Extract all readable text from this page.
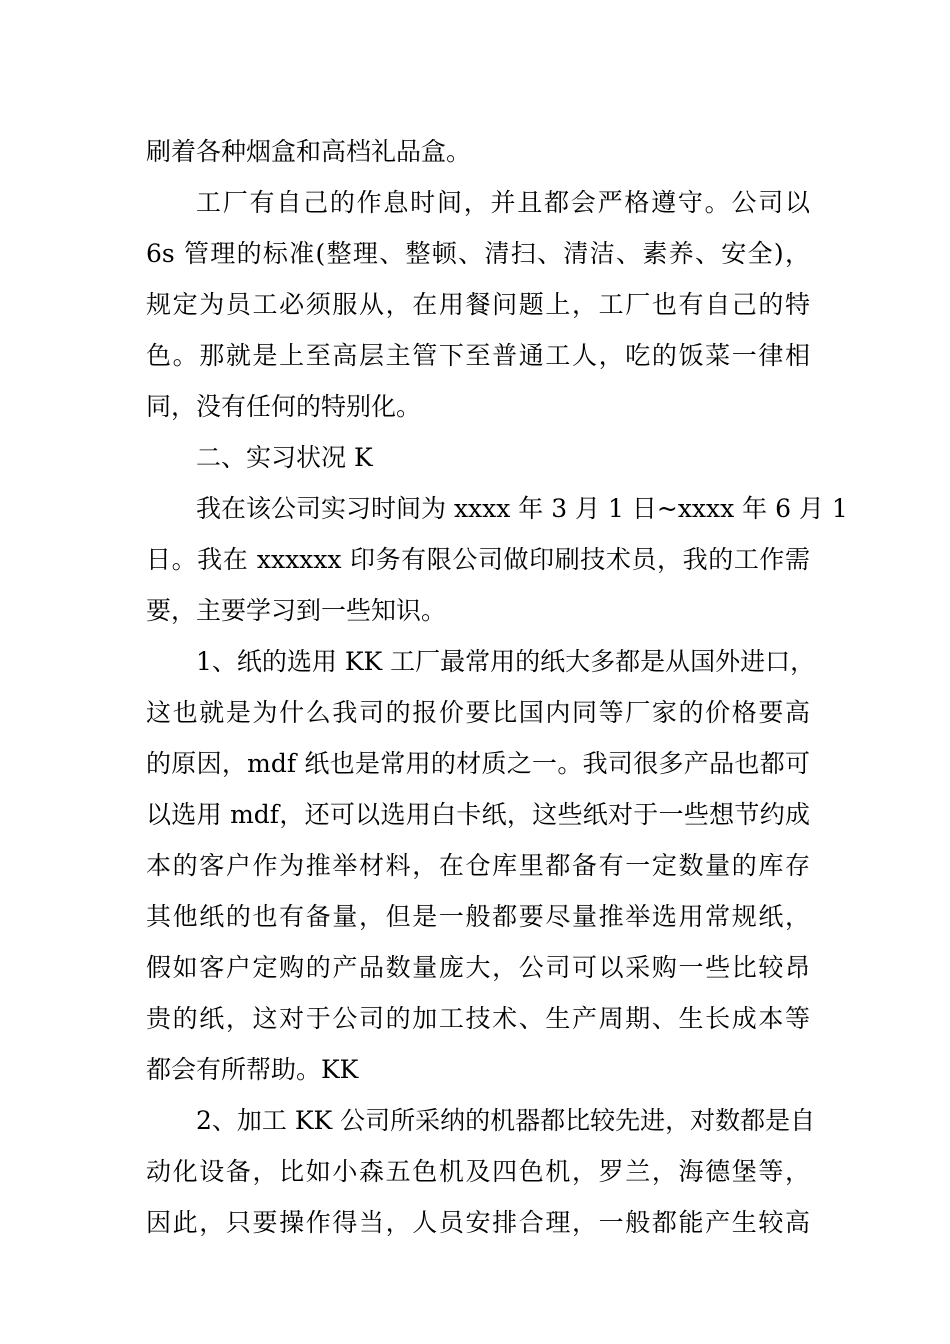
刷着各种烟盒和高档礼品盒。
工厂有自己的作息时间，并且都会严格遵守。公司以
6s 管理的标准(整理、整顿、清扫、清洁、素养、安全)，
规定为员工必须服从，在用餐问题上，工厂也有自己的特
色。那就是上至高层主管下至普通工人，吃的饭菜一律相
同，没有任何的特别化。
二、实习状况 K
我在该公司实习时间为 xxxx 年 3 月 1 日~xxxx 年 6 月 1
日。我在 xxxxxx 印务有限公司做印刷技术员，我的工作需
要，主要学习到一些知识。
1、纸的选用 KK 工厂最常用的纸大多都是从国外进口，
这也就是为什么我司的报价要比国内同等厂家的价格要高
的原因，mdf 纸也是常用的材质之一。我司很多产品也都可
以选用 mdf，还可以选用白卡纸，这些纸对于一些想节约成
本的客户作为推举材料，在仓库里都备有一定数量的库存
其他纸的也有备量，但是一般都要尽量推举选用常规纸，
假如客户定购的产品数量庞大，公司可以采购一些比较昂
贵的纸，这对于公司的加工技术、生产周期、生长成本等
都会有所帮助。KK
2、加工 KK 公司所采纳的机器都比较先进，对数都是自
动化设备，比如小森五色机及四色机，罗兰，海德堡等，
因此，只要操作得当，人员安排合理，一般都能产生较高
